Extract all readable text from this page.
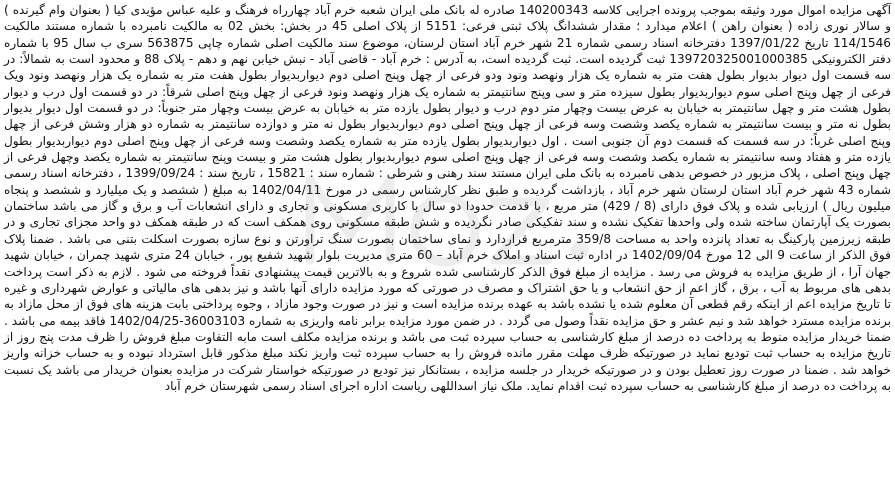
آگهی مزایده اموال مورد وثیقه بموجب پرونده اجرایی کلاسه 140200343 صادره له بانک ملی ایران شعبه خرم آباد چهارراه فرهنگ و علیه عباس مؤیدی کیا ( بعنوان وام گیرنده ) و سالار نوری زاده ( بعنوان راهن ) اعلام میدارد ؛ مقدار ششدانگ پلاک ثبتی فرعی: 5151 از پلاک اصلی 45 در بخش: بخش 02 به مالکیت نامبرده با شماره مستند مالکیت 114/1546 تاریخ 1397/01/22 دفترخانه اسناد رسمی شماره 21 شهر خرم آباد استان لرستان، موضوع سند مالکیت اصلی شماره چاپی 563875 سری ب سال 95 با شماره دفتر الکترونیکی 139720325001000385 ثبت گردیده است. ثبت گردیده است، به آدرس : خرم آباد - قاضی آباد - نبش خیابن نهم و دهم - پلاک 88 و محدود است به شمالاً: در سه قسمت اول دیوار بدیوار بطول هفت متر به شماره یک هزار ونهصد ونود ودو فرعی از چهل وپنج اصلی دوم دیواربدیوار بطول هفت متر به شماره یک هزار ونهصد ونود ویک فرعی از چهل وپنج اصلی سوم دیواربدیوار بطول سیزده متر و سی وپنج سانتیمتر به شماره یک هزار ونهصد ونود فرعی از چهل وپنج اصلی شرقاً: در دو قسمت اول درب و دیوار بطول هشت متر و چهل سانتیمتر به خیابان به عرض بیست وچهار متر دوم درب و دیوار بطول یازده متر به خیابان به عرض بیست وچهار متر جنوباً: در دو قسمت اول دیوار بدیوار بطول نه متر و بیست سانتیمتر به شماره یکصد وشصت وسه فرعی از چهل وپنج اصلی دوم دیواربدیوار بطول نه متر و دوازده سانتیمتر به شماره دو هزار وشش فرعی از چهل وپنج اصلی غرباً: در سه قسمت که قسمت دوم آن جنوبی است . اول دیواربدیوار بطول یازده متر به شماره یکصد وشصت وسه فرعی از چهل وپنج اصلی دوم دیواربدیوار بطول یازده متر و هفتاد وسه سانتیمتر به شماره یکصد وشصت وسه فرعی از چهل وپنج اصلی سوم دیواربدیوار بطول هشت متر و بیست وپنج سانتیمتر به شماره یکصد وچهل فرعی از چهل وپنج اصلی ، پلاک مزبور در خصوص بدهی نامبرده به بانک ملی ایران مستند سند رهنی و شرطی : شماره سند : 15821 ، تاریخ سند : 1399/09/24 ، دفترخانه اسناد رسمی شماره 43 شهر خرم آباد استان لرستان شهر خرم آباد ، بازداشت گردیده و طبق نظر کارشناس رسمی در مورخ 1402/04/11 به مبلغ ( ششصد و یک میلیارد و ششصد و پنجاه میلیون ریال ) ارزیابی شده و پلاک فوق دارای (8 / 429) متر مربع ، با قدمت حدودا دو سال با کاربری مسکونی و تجاری و دارای انشعابات آب و برق و گاز می باشد ساختمان بصورت یک آپارتمان ساخته شده ولی واحدها تفکیک نشده و سند تفکیکی صادر نگردیده و شش طبقه مسکونی روی همکف است که در طبقه همکف دو واحد مجزای تجاری و در طبقه زیرزمین پارکینگ به تعداد پانزده واحد به مساحت 359/8 مترمربع قراردارد و نمای ساختمان بصورت سنگ تراورتن و نوع سازه بصورت اسکلت بتنی می باشد . ضمنا پلاک فوق الذکر از ساعت 9 الی 12 مورخ 1402/09/04 در اداره ثبت اسناد و املاک خرم آباد – 60 متری مدیریت بلوار شهید شفیع پور ، خیابان 24 متری شهید چمران ، خیابان شهید جهان آرا ، از طریق مزایده به فروش می رسد . مزایده از مبلغ فوق الذکر کارشناسی شده شروع و به بالاترین قیمت پیشنهادی نقداً فروخته می شود . لازم به ذکر است پرداخت بدهی های مربوط به آب ، برق ، گاز اعم از حق انشعاب و یا حق اشتراک و مصرف در صورتی که مورد مزایده دارای آنها باشد و نیز بدهی های مالیاتی و عوارض شهرداری و غیره تا تاریخ مزایده اعم از اینکه رقم قطعی آن معلوم شده یا نشده باشد به عهده برنده مزایده است و نیز در صورت وجود مازاد ، وجوه پرداختی بابت هزینه های فوق از محل مازاد به برنده مزایده مسترد خواهد شد و نیم عشر و حق مزایده نقداً وصول می گردد . در ضمن مورد مزایده برابر نامه واریزی به شماره 36003103-1402/04/25 فاقد بیمه می باشد . ضمنا خریدار مزایده منوط به پرداخت ده درصد از مبلغ کارشناسی به حساب سپرده ثبت می باشد و برنده مزایده مکلف است مابه التفاوت مبلغ فروش را ظرف مدت پنج روز از تاریخ مزایده به حساب ثبت تودیع نماید در صورتیکه ظرف مهلت مقرر مانده فروش را به حساب سپرده ثبت واریز نکند مبلغ مذکور قابل استرداد نبوده و به حساب خزانه واریز خواهد شد . ضمنا در صورت روز تعطیل بودن و در صورتیکه خریدار در جلسه مزایده ، بستانکار نیز تودیع در صورتیکه خواستار شرکت در مزایده بعنوان خریدار می باشد یک نسبت به پرداخت ده درصد از مبلغ کارشناسی به حساب سپرده ثبت اقدام نماید. ملک نیاز اسداللهی ریاست اداره اجرای اسناد رسمی شهرستان خرم آباد
